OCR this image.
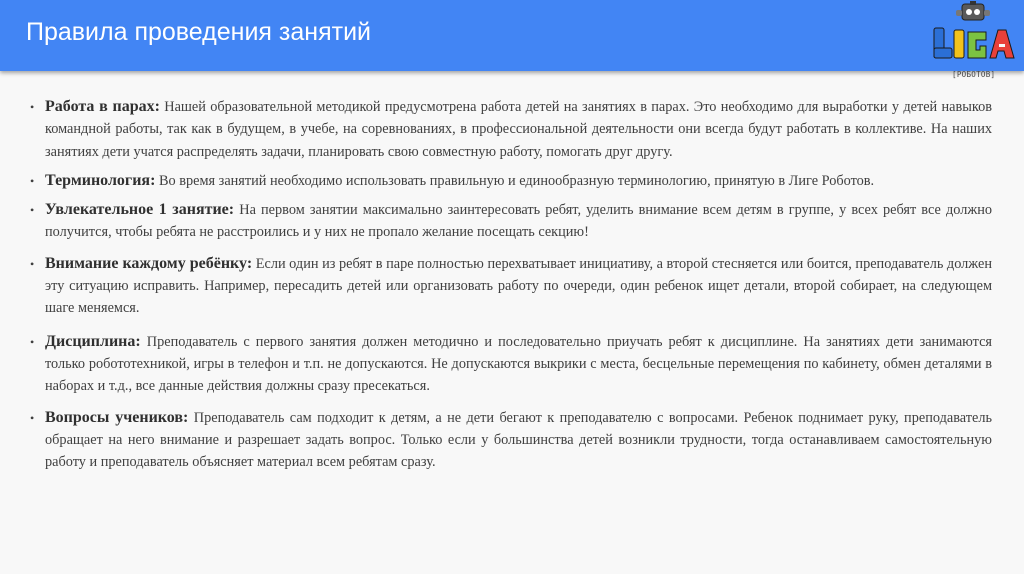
Правила проведения занятий
[РОБОТОВ]

• Работа в парах: Нашей образовательной методикой предусмотрена работа детей на занятиях в парах. Это необходимо для выработки у детей навыков командной работы, так как в будущем, в учебе, на соревнованиях, в профессиональной деятельности они всегда будут работать в коллективе. На наших занятиях дети учатся распределять задачи, планировать свою совместную работу, помогать друг другу.

• Терминология: Во время занятий необходимо использовать правильную и единообразную терминологию, принятую в Лиге Роботов.

• Увлекательное 1 занятие: На первом занятии максимально заинтересовать ребят, уделить внимание всем детям в группе, у всех ребят все должно получится, чтобы ребята не расстроились и у них не пропало желание посещать секцию!

• Внимание каждому ребёнку: Если один из ребят в паре полностью перехватывает инициативу, а второй стесняется или боится, преподаватель должен эту ситуацию исправить. Например, пересадить детей или организовать работу по очереди, один ребенок ищет детали, второй собирает, на следующем шаге меняемся.

• Дисциплина: Преподаватель с первого занятия должен методично и последовательно приучать ребят к дисциплине. На занятиях дети занимаются только робототехникой, игры в телефон и т.п. не допускаются. Не допускаются выкрики с места, бесцельные перемещения по кабинету, обмен деталями в наборах и т.д., все данные действия должны сразу пресекаться.

• Вопросы учеников: Преподаватель сам подходит к детям, а не дети бегают к преподавателю с вопросами. Ребенок поднимает руку, преподаватель обращает на него внимание и разрешает задать вопрос. Только если у большинства детей возникли трудности, тогда останавливаем самостоятельную работу и преподаватель объясняет материал всем ребятам сразу.
